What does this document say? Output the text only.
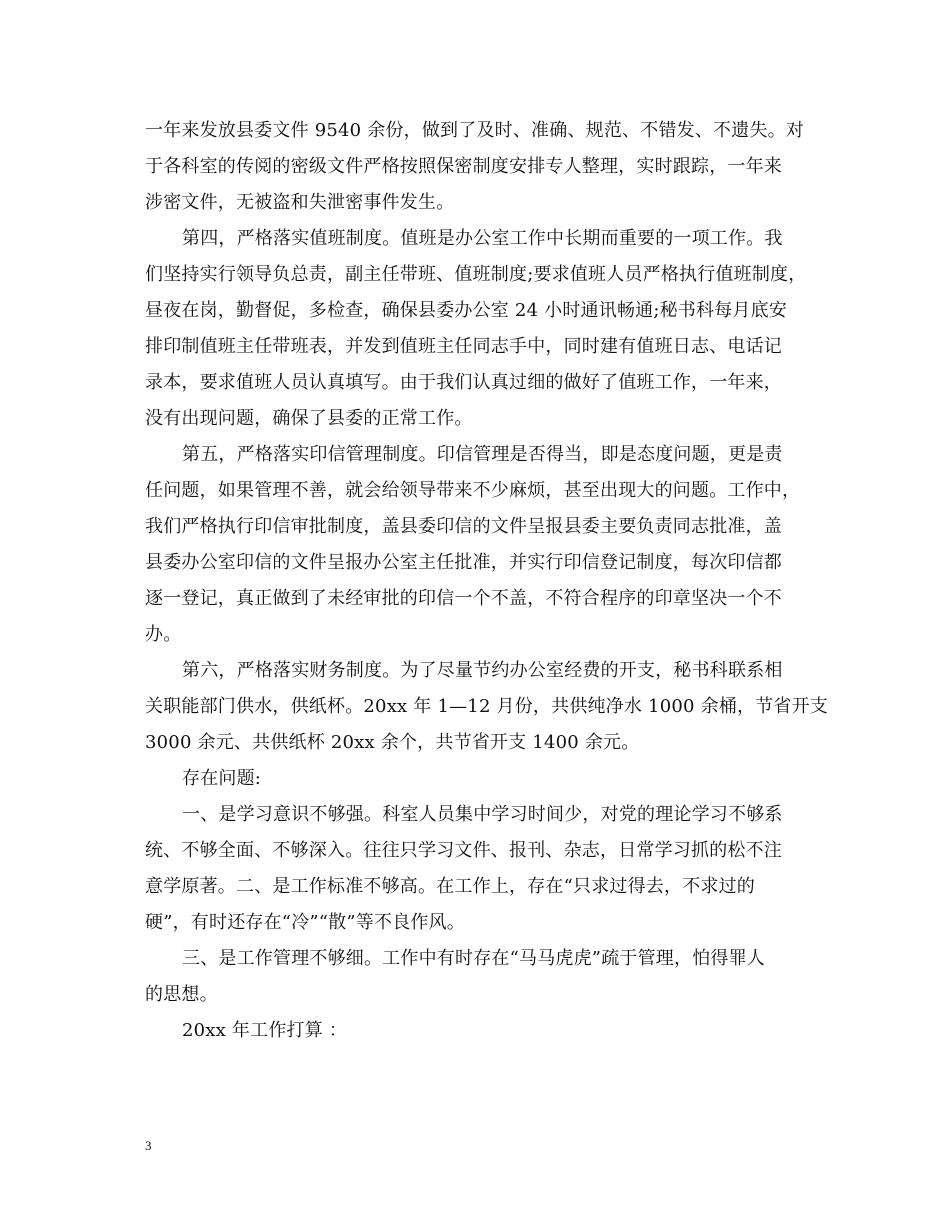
一年来发放县委文件 9540 余份，做到了及时、准确、规范、不错发、不遗失。对
于各科室的传阅的密级文件严格按照保密制度安排专人整理，实时跟踪，一年来
涉密文件，无被盗和失泄密事件发生。
第四，严格落实值班制度。值班是办公室工作中长期而重要的一项工作。我
们坚持实行领导负总责，副主任带班、值班制度;要求值班人员严格执行值班制度，
昼夜在岗，勤督促，多检查，确保县委办公室 24 小时通讯畅通;秘书科每月底安
排印制值班主任带班表，并发到值班主任同志手中，同时建有值班日志、电话记
录本，要求值班人员认真填写。由于我们认真过细的做好了值班工作，一年来，
没有出现问题，确保了县委的正常工作。
第五，严格落实印信管理制度。印信管理是否得当，即是态度问题，更是责
任问题，如果管理不善，就会给领导带来不少麻烦，甚至出现大的问题。工作中，
我们严格执行印信审批制度，盖县委印信的文件呈报县委主要负责同志批准，盖
县委办公室印信的文件呈报办公室主任批准，并实行印信登记制度，每次印信都
逐一登记，真正做到了未经审批的印信一个不盖，不符合程序的印章坚决一个不
办。
第六，严格落实财务制度。为了尽量节约办公室经费的开支，秘书科联系相
关职能部门供水，供纸杯。20xx 年 1—12 月份，共供纯净水 1000 余桶，节省开支
3000 余元、共供纸杯 20xx 余个，共节省开支 1400 余元。
存在问题:
一、是学习意识不够强。科室人员集中学习时间少，对党的理论学习不够系
统、不够全面、不够深入。往往只学习文件、报刊、杂志，日常学习抓的松不注
意学原著。二、是工作标准不够高。在工作上，存在“只求过得去，不求过的
硬”，有时还存在“冷”“散”等不良作风。
三、是工作管理不够细。工作中有时存在“马马虎虎”疏于管理，怕得罪人
的思想。
20xx 年工作打算 ：
3
